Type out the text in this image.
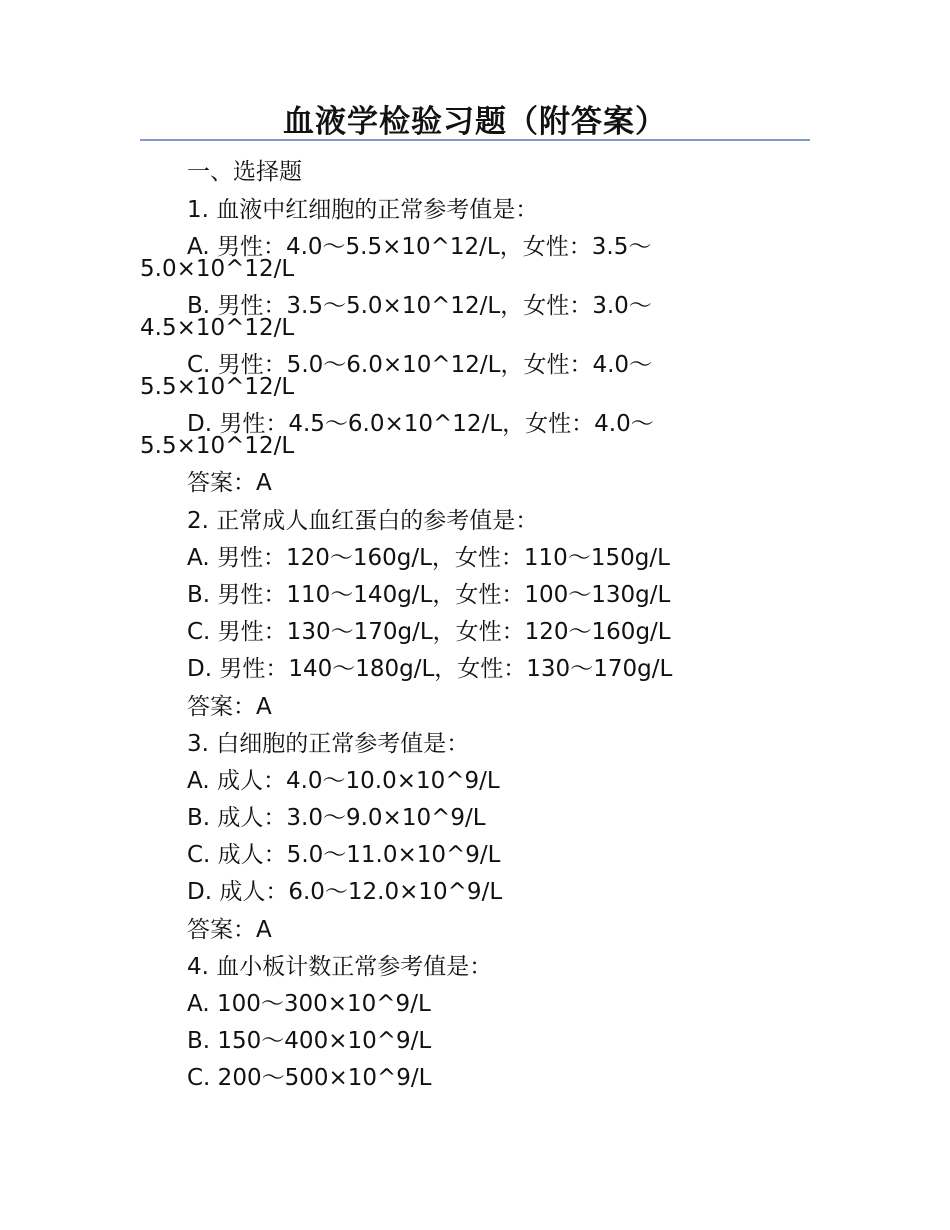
血液学检验习题（附答案）
一、选择题
1. 血液中红细胞的正常参考值是：
A. 男性：4.0～5.5×10^12/L，女性：3.5～
5.0×10^12/L
B. 男性：3.5～5.0×10^12/L，女性：3.0～
4.5×10^12/L
C. 男性：5.0～6.0×10^12/L，女性：4.0～
5.5×10^12/L
D. 男性：4.5～6.0×10^12/L，女性：4.0～
5.5×10^12/L
答案：A
2. 正常成人血红蛋白的参考值是：
A. 男性：120～160g/L，女性：110～150g/L
B. 男性：110～140g/L，女性：100～130g/L
C. 男性：130～170g/L，女性：120～160g/L
D. 男性：140～180g/L，女性：130～170g/L
答案：A
3. 白细胞的正常参考值是：
A. 成人：4.0～10.0×10^9/L
B. 成人：3.0～9.0×10^9/L
C. 成人：5.0～11.0×10^9/L
D. 成人：6.0～12.0×10^9/L
答案：A
4. 血小板计数正常参考值是：
A. 100～300×10^9/L
B. 150～400×10^9/L
C. 200～500×10^9/L
